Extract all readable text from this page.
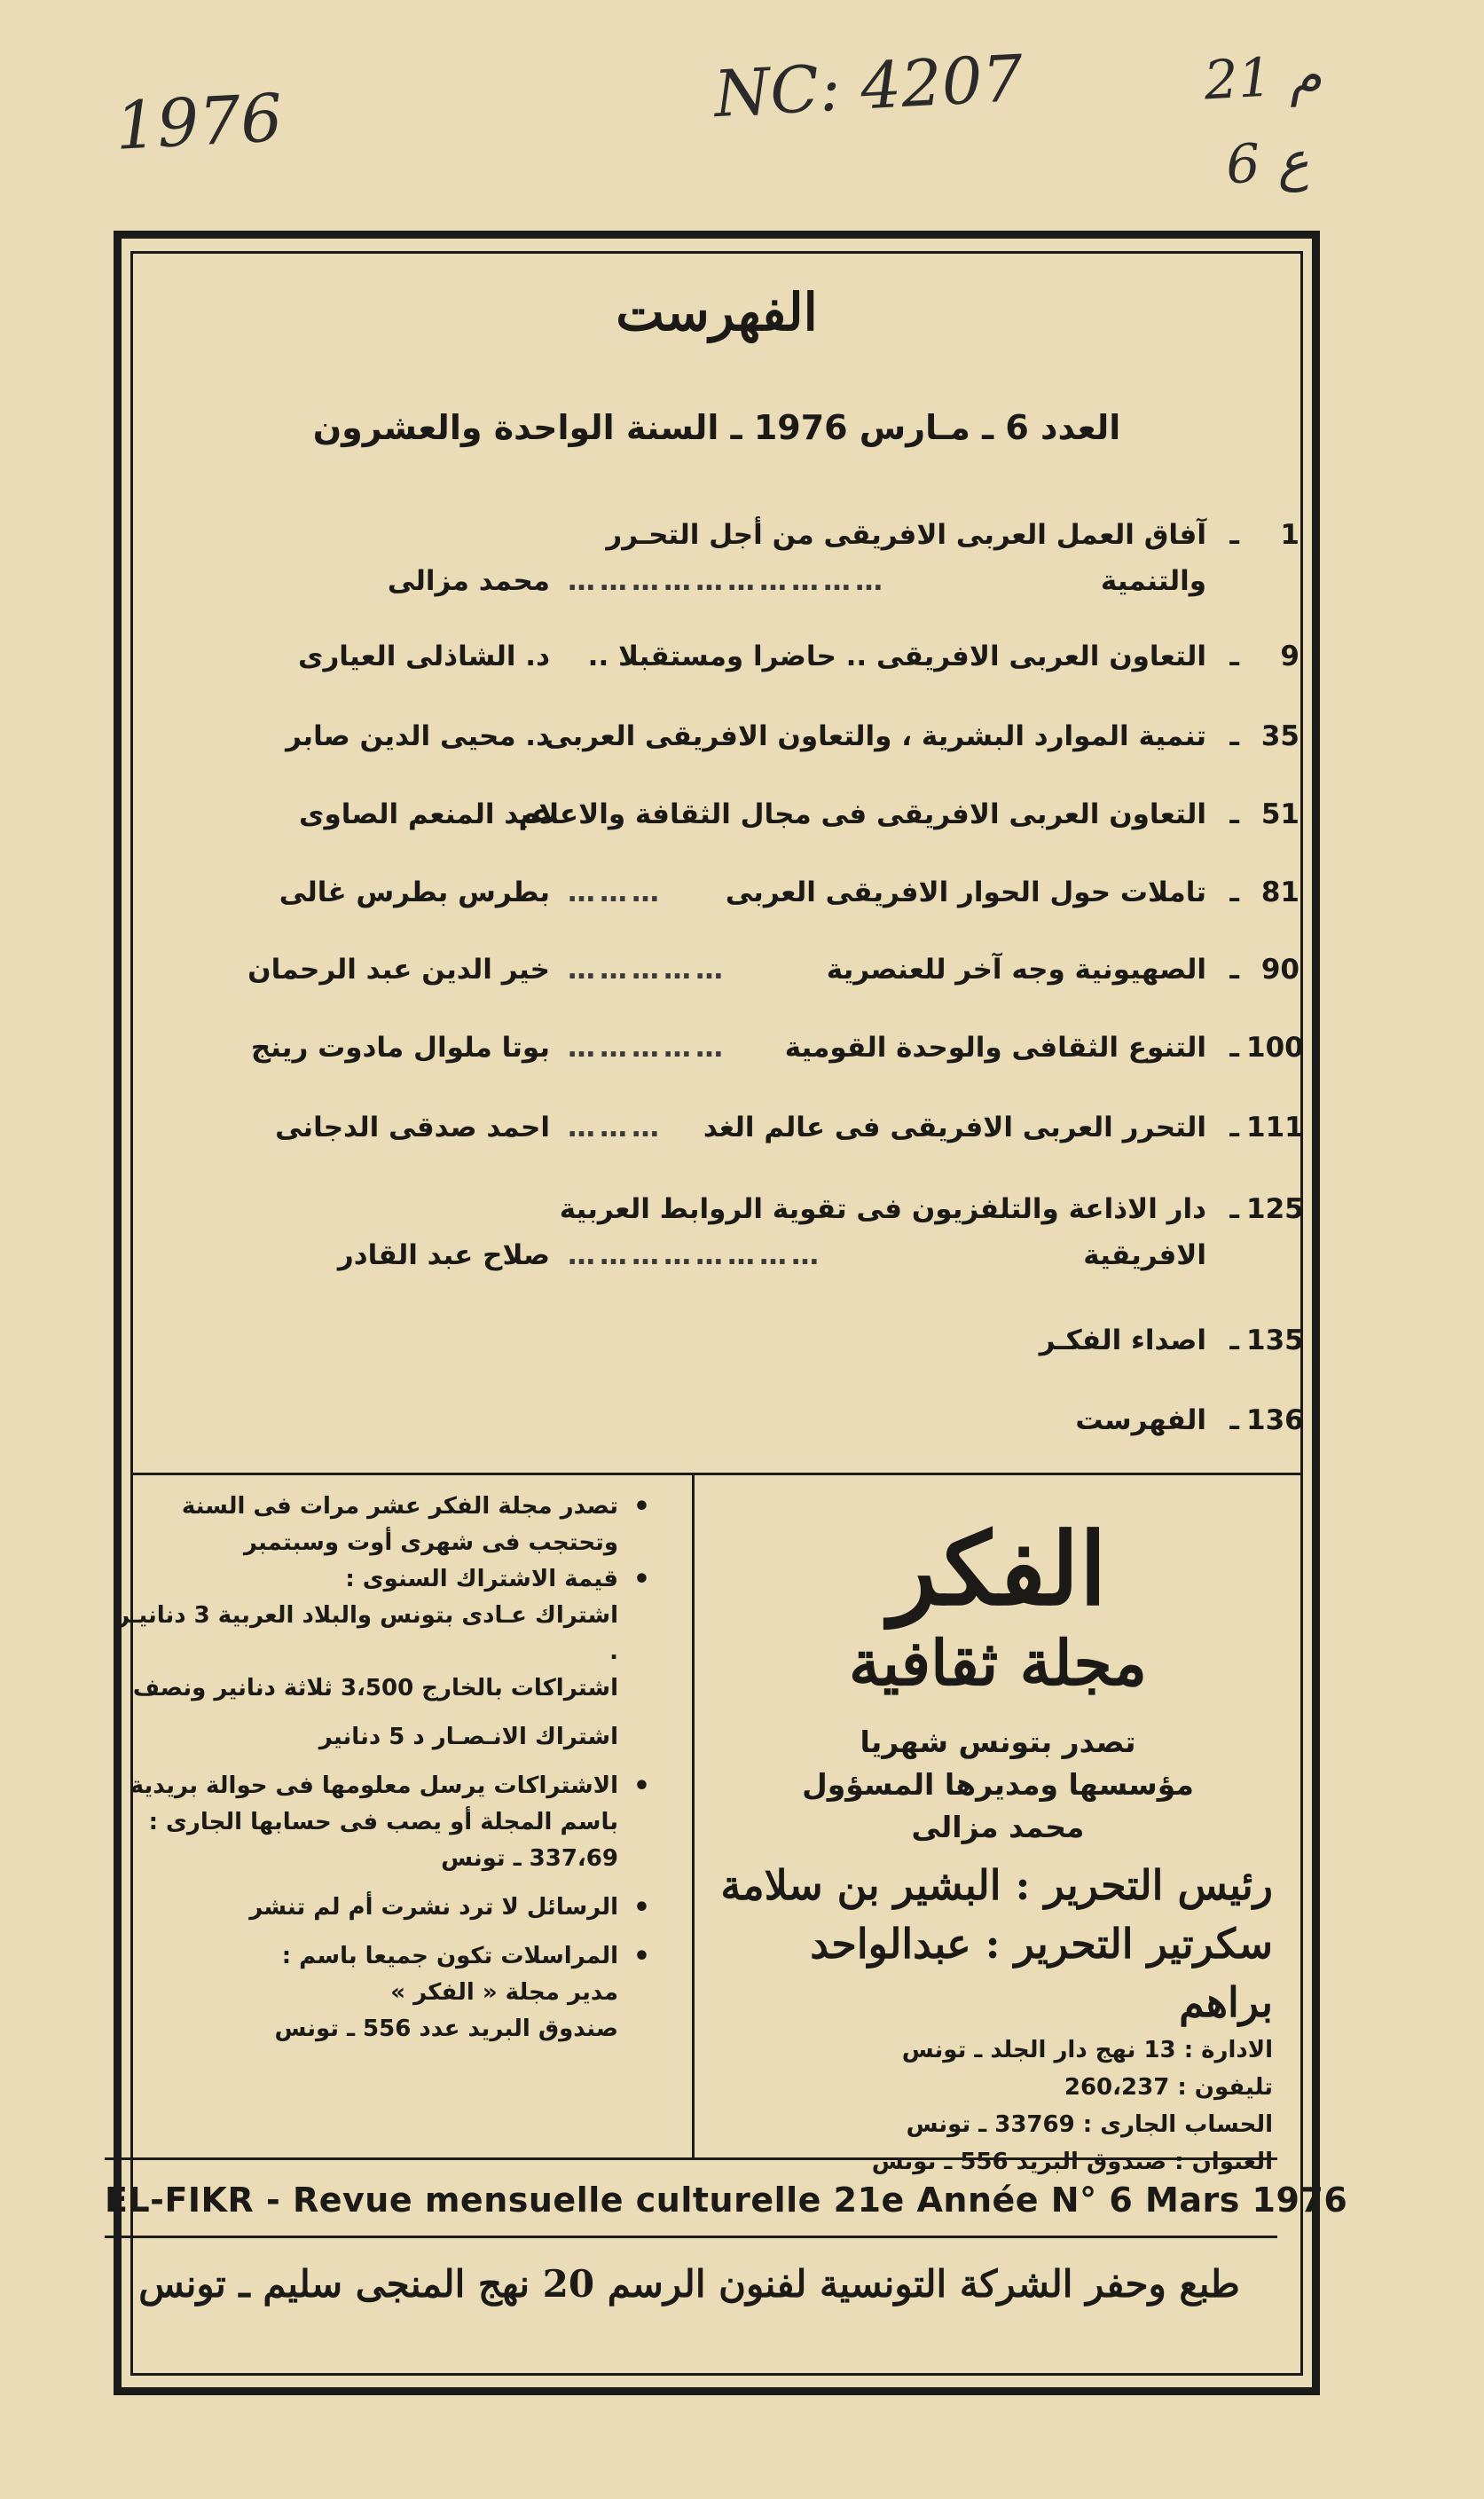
1976	NC: 4207	م 21
ع 6
الفهرست
العدد 6 ـ مـارس 1976 ـ السنة الواحدة والعشرون
1
ـ
آفاق العمل العربى الافريقى من أجل التحـرر
والتنمية
…………………………
محمد مزالى
9
ـ
التعاون العربى الافريقى .. حاضرا ومستقبلا ..
د. الشاذلى العيارى
35
ـ
تنمية الموارد البشرية ، والتعاون الافريقى العربى
د. محيى الدين صابر
51
ـ
التعاون العربى الافريقى فى مجال الثقافة والاعلام
عبد المنعم الصاوى
81
ـ
تاملات حول الحوار الافريقى العربى
………
بطرس بطرس غالى
90
ـ
الصهيونية وجه آخر للعنصرية
……………
خير الدين عبد الرحمان
100
ـ
التنوع الثقافى والوحدة القومية
……………
بوتا ملوال مادوت رينج
111
ـ
التحرر العربى الافريقى فى عالم الغد
………
احمد صدقى الدجانى
125
ـ
دار الاذاعة والتلفزيون فى تقوية الروابط العربية
الافريقية
……………………
صلاح عبد القادر
135
ـ
اصداء الفكـر
136
ـ
الفهرست

• تصدر مجلة الفكر عشر مرات فى السنة وتحتجب فى شهرى أوت وسبتمبر

• قيمة الاشتراك السنوى :

اشتراك عـادى بتونس والبلاد العربية 3 دنانيـر .

اشتراكات بالخارج 3،500 ثلاثة دنانير ونصف

اشتراك الانـصـار د 5 دنانير

• الاشتراكات يرسل معلومها فى حوالة بريدية باسم المجلة أو يصب فى حسابها الجارى : 337،69 ـ تونس

• الرسائل لا ترد نشرت أم لم تنشر

• المراسلات تكون جميعا باسم :

مدير مجلة « الفكر »

صندوق البريد عدد 556 ـ تونس

الفكر
مجلة ثقافية
تصدر بتونس شهريا
مؤسسها ومديرها المسؤول
محمد مزالى
رئيس التحرير : البشير بن سلامة
سكرتير التحرير : عبدالواحد براهم
الادارة : 13 نهج دار الجلد ـ تونس
تليفون : 260،237
الحساب الجارى : 33769 ـ تونس
العنوان : صندوق البريد 556 ـ تونس
EL-FIKR - Revue mensuelle culturelle 21e Année N° 6 Mars 1976
طبع وحفر الشركة التونسية لفنون الرسم 20 نهج المنجى سليم ـ تونس
